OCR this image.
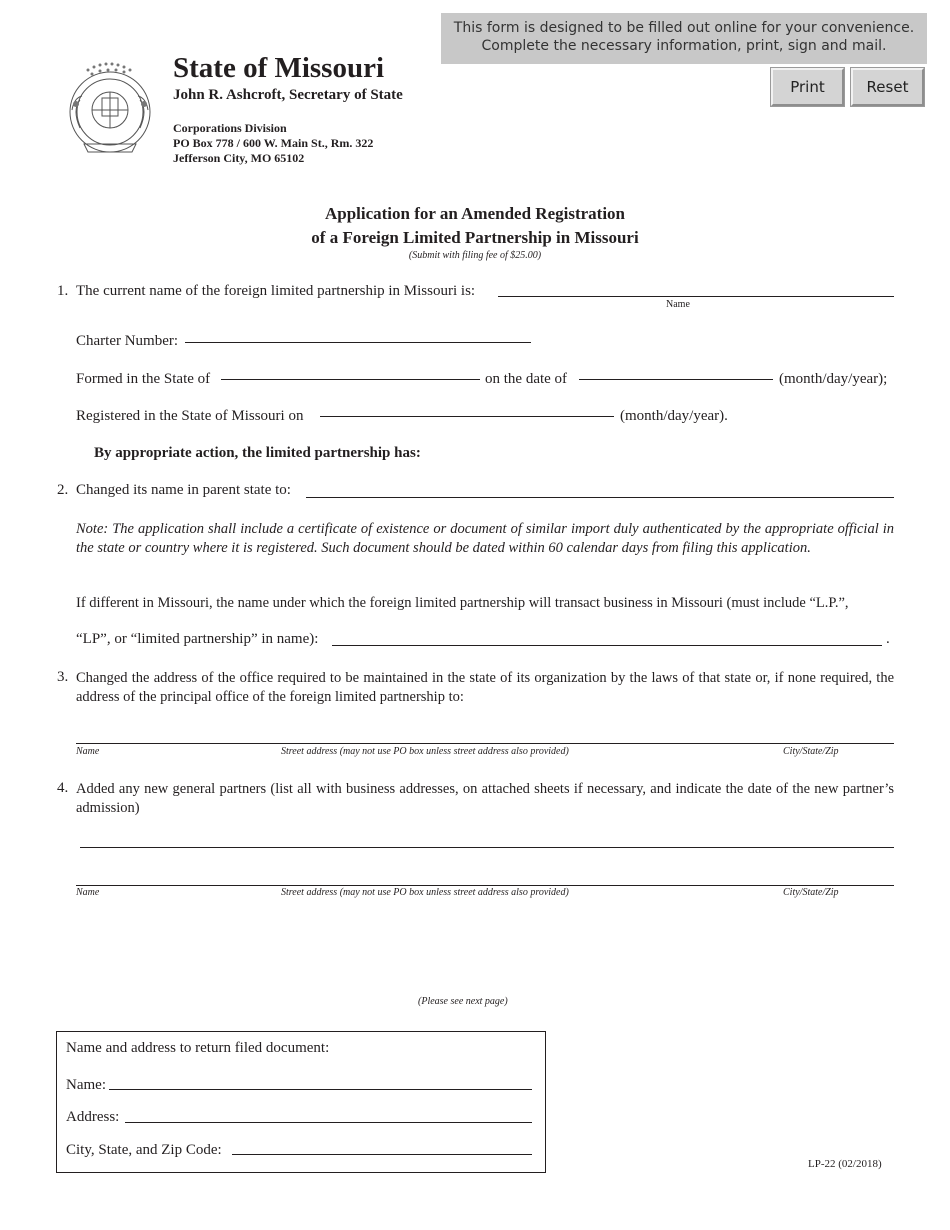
This form is designed to be filled out online for your convenience.
Complete the necessary information, print, sign and mail.
Print	Reset
State of Missouri
John R. Ashcroft, Secretary of State
Corporations Division
PO Box 778 / 600 W. Main St., Rm. 322
Jefferson City, MO 65102
Application for an Amended Registration
of a Foreign Limited Partnership in Missouri
(Submit with filing fee of $25.00)
1. The current name of the foreign limited partnership in Missouri is:
Name
Charter Number:
Formed in the State of	on the date of	(month/day/year);
Registered in the State of Missouri on	(month/day/year).
By appropriate action, the limited partnership has:
2. Changed its name in parent state to:
Note: The application shall include a certificate of existence or document of similar import duly authenticated by the appropriate official in the state or country where it is registered. Such document should be dated within 60 calendar days from filing this application.
If different in Missouri, the name under which the foreign limited partnership will transact business in Missouri (must include “L.P.”,
“LP”, or “limited partnership” in name):	.
3. Changed the address of the office required to be maintained in the state of its organization by the laws of that state or, if none required, the address of the principal office of the foreign limited partnership to:
Name	Street address (may not use PO box unless street address also provided)	City/State/Zip
4. Added any new general partners (list all with business addresses, on attached sheets if necessary, and indicate the date of the new partner’s admission)
Name	Street address (may not use PO box unless street address also provided)	City/State/Zip
(Please see next page)
Name and address to return filed document:
Name:
Address:
City, State, and Zip Code:
LP-22 (02/2018)
